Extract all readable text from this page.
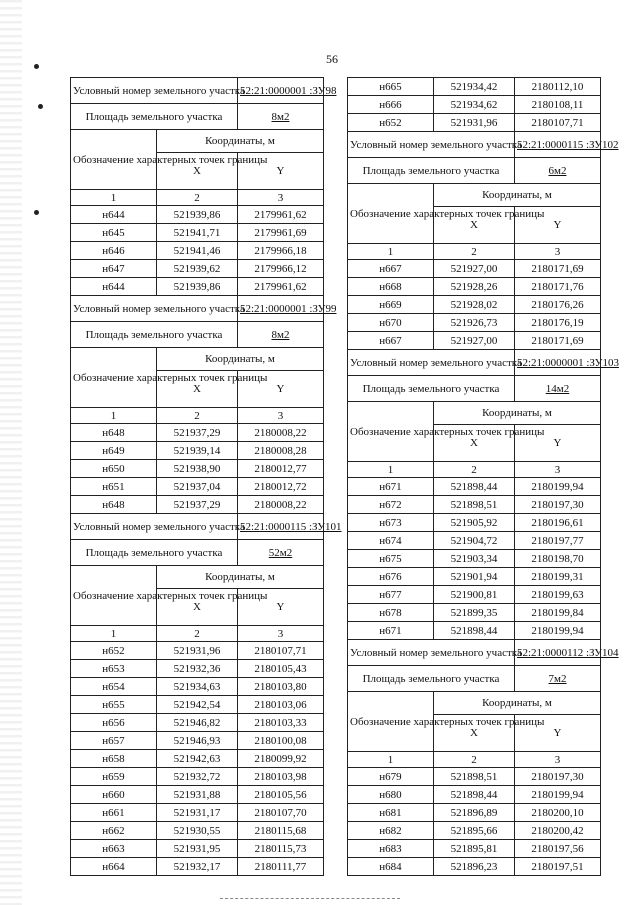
56
Условный номер земельного участка		52:21:0000001 :ЗУ98
Площадь земельного участка		8м2
Обозначение характерных точек границы	Координаты, м	
	X	Y
1	2	3
н644	521939,86	2179961,62
н645	521941,71	2179961,69
н646	521941,46	2179966,18
н647	521939,62	2179966,12
н644	521939,86	2179961,62
Условный номер земельного участка		52:21:0000001 :ЗУ99
Площадь земельного участка		8м2
Обозначение характерных точек границы	Координаты, м	
	X	Y
1	2	3
н648	521937,29	2180008,22
н649	521939,14	2180008,28
н650	521938,90	2180012,77
н651	521937,04	2180012,72
н648	521937,29	2180008,22
Условный номер земельного участка		52:21:0000115 :ЗУ101
Площадь земельного участка		52м2
Обозначение характерных точек границы	Координаты, м	
	X	Y
1	2	3
н652	521931,96	2180107,71
н653	521932,36	2180105,43
н654	521934,63	2180103,80
н655	521942,54	2180103,06
н656	521946,82	2180103,33
н657	521946,93	2180100,08
н658	521942,63	2180099,92
н659	521932,72	2180103,98
н660	521931,88	2180105,56
н661	521931,17	2180107,70
н662	521930,55	2180115,68
н663	521931,95	2180115,73
н664	521932,17	2180111,77
н665	521934,42	2180112,10
н666	521934,62	2180108,11
н652	521931,96	2180107,71
Условный номер земельного участка		52:21:0000115 :ЗУ102
Площадь земельного участка		6м2
Обозначение характерных точек границы	Координаты, м	
	X	Y
1	2	3
н667	521927,00	2180171,69
н668	521928,26	2180171,76
н669	521928,02	2180176,26
н670	521926,73	2180176,19
н667	521927,00	2180171,69
Условный номер земельного участка		52:21:0000001 :ЗУ103
Площадь земельного участка		14м2
Обозначение характерных точек границы	Координаты, м	
	X	Y
1	2	3
н671	521898,44	2180199,94
н672	521898,51	2180197,30
н673	521905,92	2180196,61
н674	521904,72	2180197,77
н675	521903,34	2180198,70
н676	521901,94	2180199,31
н677	521900,81	2180199,63
н678	521899,35	2180199,84
н671	521898,44	2180199,94
Условный номер земельного участка		52:21:0000112 :ЗУ104
Площадь земельного участка		7м2
Обозначение характерных точек границы	Координаты, м	
	X	Y
1	2	3
н679	521898,51	2180197,30
н680	521898,44	2180199,94
н681	521896,89	2180200,10
н682	521895,66	2180200,42
н683	521895,81	2180197,56
н684	521896,23	2180197,51
